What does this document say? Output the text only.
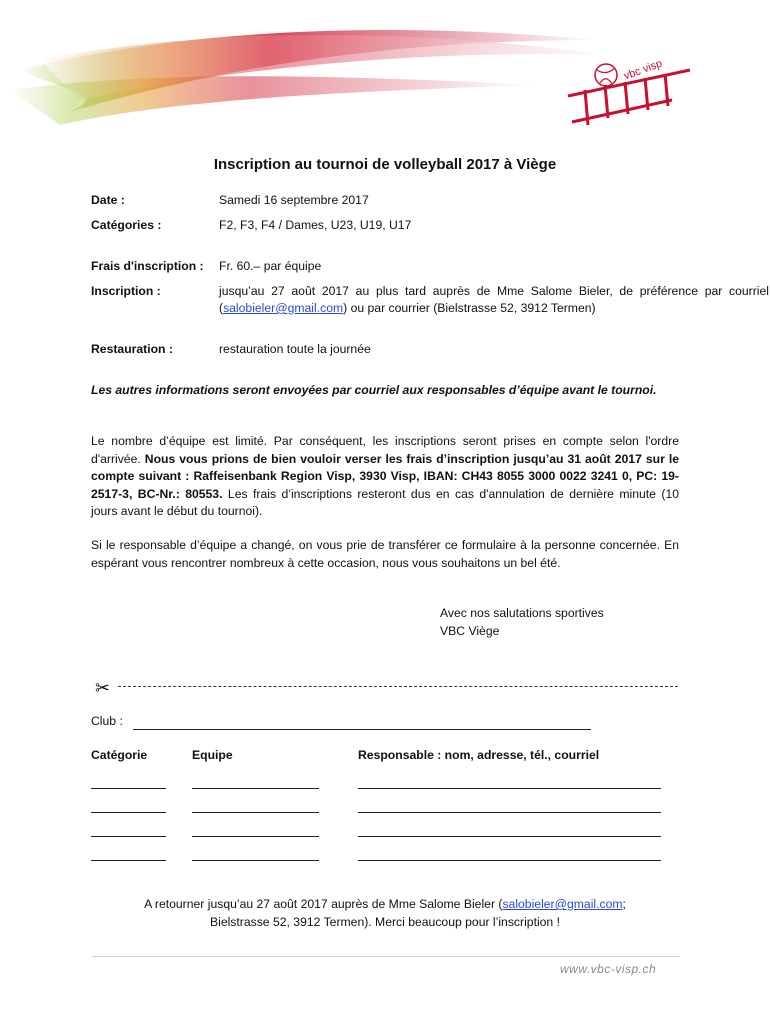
vbc visp
Inscription au tournoi de volleyball 2017 à Viège
Date :	Samedi 16 septembre 2017
Catégories :	F2, F3, F4 / Dames, U23, U19, U17
Frais d'inscription : Fr. 60.– par équipe
Inscription :	jusqu’au 27 août 2017 au plus tard auprès de Mme Salome Bieler, de préférence par courriel (salobieler@gmail.com) ou par courrier (Bielstrasse 52, 3912 Termen)
Restauration :	restauration toute la journée
Les autres informations seront envoyées par courriel aux responsables d’équipe avant le tournoi.
Le nombre d’équipe est limité. Par conséquent, les inscriptions seront prises en compte selon l'ordre d'arrivée. Nous vous prions de bien vouloir verser les frais d’inscription jusqu’au 31 août 2017 sur le compte suivant : Raffeisenbank Region Visp, 3930 Visp, IBAN: CH43 8055 3000 0022 3241 0, PC: 19-2517-3, BC-Nr.: 80553. Les frais d’inscriptions resteront dus en cas d'annulation de dernière minute (10 jours avant le début du tournoi).
Si le responsable d’équipe a changé, on vous prie de transférer ce formulaire à la personne concernée. En espérant vous rencontrer nombreux à cette occasion, nous vous souhaitons un bel été.
Avec nos salutations sportives
VBC Viège
✂
Club :
Catégorie	Equipe	Responsable : nom, adresse, tél., courriel
A retourner jusqu’au 27 août 2017 auprès de Mme Salome Bieler (salobieler@gmail.com;
Bielstrasse 52, 3912 Termen). Merci beaucoup pour l’inscription !
www.vbc-visp.ch
